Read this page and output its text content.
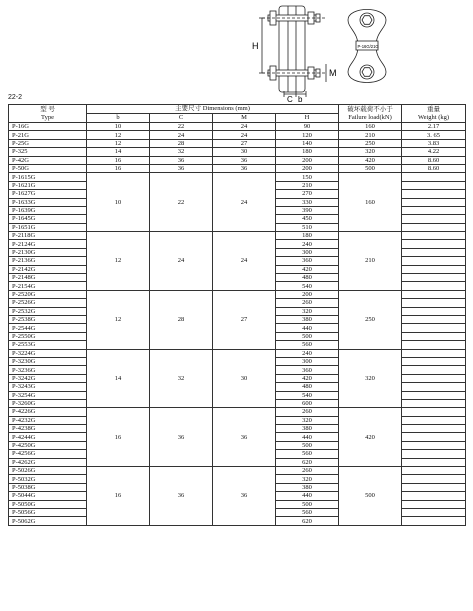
H
M
C b
P-16G/21G
22-2
型 号
Type	主要尺寸 Dimensions (mm)				破坏载荷不小于
Failure load(kN)	重量
Weight (kg)

	b	C	M	H		
P-16G	10	22	24	90	160	2.17
P-21G	12	24	24	120	210	3. 65
P-25G	12	28	27	140	250	3.83
P-325	14	32	30	180	320	4.22
P-42G	16	36	36	200	420	8.60
P-50G	16	36	36	200	500	8.60
P-1615G	10	22	24	150	160	
P-1621G				210		
P-1627G				270		
P-1633G				330		
P-1639G				390		
P-1645G				450		
P-1651G				510		
P-2118G	12	24	24	180	210	
P-2124G				240		
P-2130G				300		
P-2136G				360		
P-2142G				420		
P-2148G				480		
P-2154G				540		
P-2520G	12	28	27	200	250	
P-2526G				260		
P-2532G				320		
P-2538G				380		
P-2544G				440		
P-2550G				500		
P-2553G				560		
P-3224G	14	32	30	240	320	
P-3230G				300		
P-3236G				360		
P-3242G				420		
P-3243G				480		
P-3254G				540		
P-3260G				600		
P-4226G	16	36	36	260	420	
P-4232G				320		
P-4238G				380		
P-4244G				440		
P-4250G				500		
P-4256G				560		
P-4262G				620		
P-5026G	16	36	36	260	500	
P-5032G				320		
P-5038G				380		
P-5044G				440		
P-5050G				500		
P-5056G				560		
P-5062G				620		
